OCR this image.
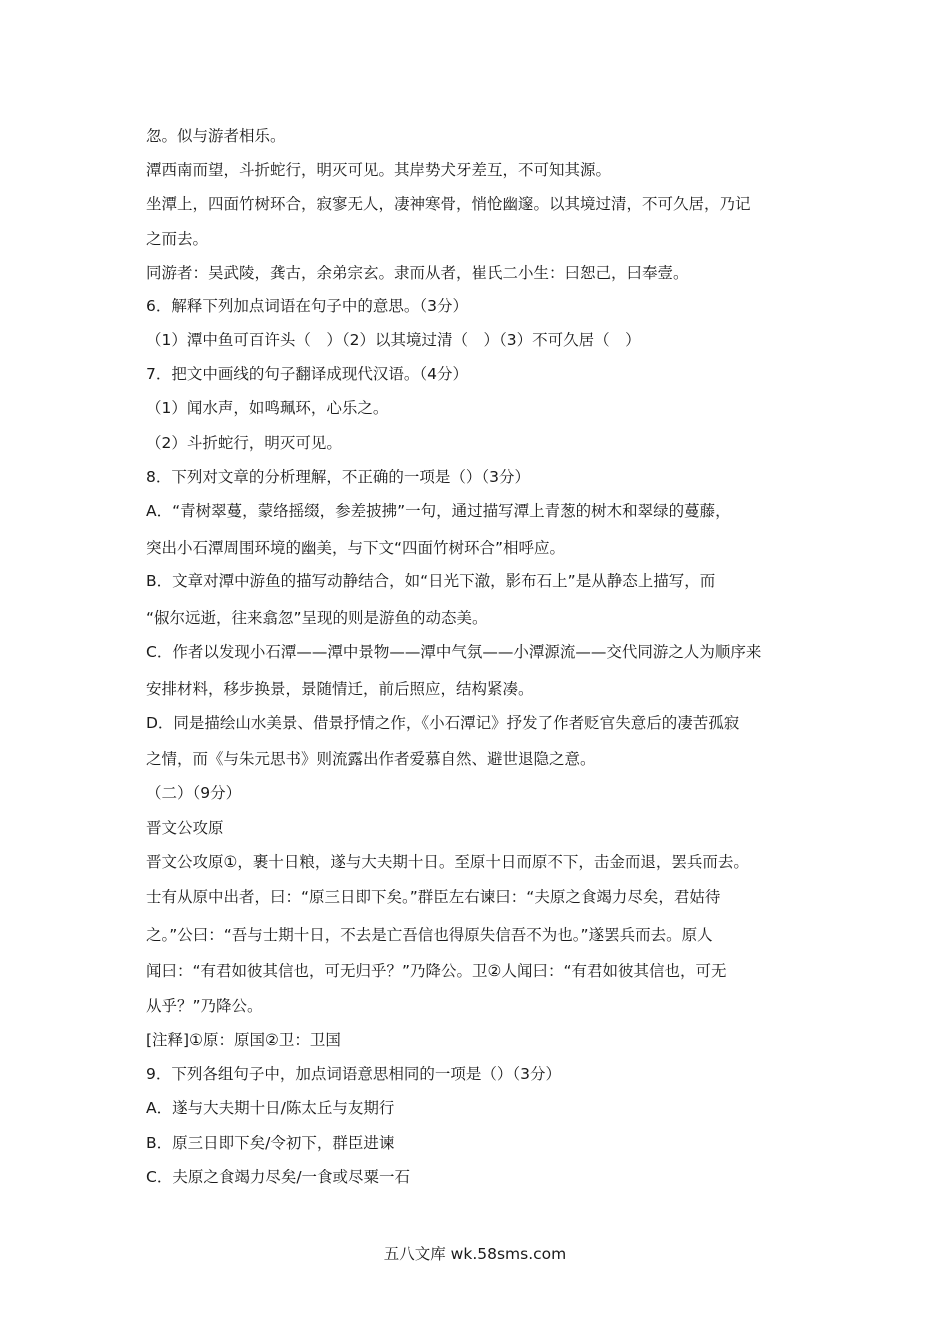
忽。似与游者相乐。
潭西南而望，斗折蛇行，明灭可见。其岸势犬牙差互，不可知其源。
坐潭上，四面竹树环合，寂寥无人，凄神寒骨，悄怆幽邃。以其境过清，不可久居，乃记
之而去。
同游者：吴武陵，龚古，余弟宗玄。隶而从者，崔氏二小生：曰恕己，曰奉壹。
6．解释下列加点词语在句子中的意思。（3分）
（1）潭中鱼可百许头（　）（2）以其境过清（　）（3）不可久居（　）
7．把文中画线的句子翻译成现代汉语。（4分）
（1）闻水声，如鸣珮环，心乐之。
（2）斗折蛇行，明灭可见。
8．下列对文章的分析理解，不正确的一项是（）（3分）
A．“青树翠蔓，蒙络摇缀，参差披拂”一句，通过描写潭上青葱的树木和翠绿的蔓藤，
突出小石潭周围环境的幽美，与下文“四面竹树环合”相呼应。
B．文章对潭中游鱼的描写动静结合，如“日光下澈，影布石上”是从静态上描写，而
“俶尔远逝，往来翕忽”呈现的则是游鱼的动态美。
C．作者以发现小石潭——潭中景物——潭中气氛——小潭源流——交代同游之人为顺序来
安排材料，移步换景，景随情迁，前后照应，结构紧凑。
D．同是描绘山水美景、借景抒情之作，《小石潭记》抒发了作者贬官失意后的凄苦孤寂
之情，而《与朱元思书》则流露出作者爱慕自然、避世退隐之意。
（二）（9分）
晋文公攻原
晋文公攻原①，裹十日粮，遂与大夫期十日。至原十日而原不下，击金而退，罢兵而去。
士有从原中出者，曰：“原三日即下矣。”群臣左右谏曰：“夫原之食竭力尽矣，君姑待
之。”公曰：“吾与士期十日，不去是亡吾信也得原失信吾不为也。”遂罢兵而去。原人
闻曰：“有君如彼其信也，可无归乎？”乃降公。卫②人闻曰：“有君如彼其信也，可无
从乎？”乃降公。
[注释]①原：原国②卫：卫国
9．下列各组句子中，加点词语意思相同的一项是（）（3分）
A．遂与大夫期十日/陈太丘与友期行
B．原三日即下矣/令初下，群臣进谏
C．夫原之食竭力尽矣/一食或尽粟一石
五八文库 wk.58sms.com
